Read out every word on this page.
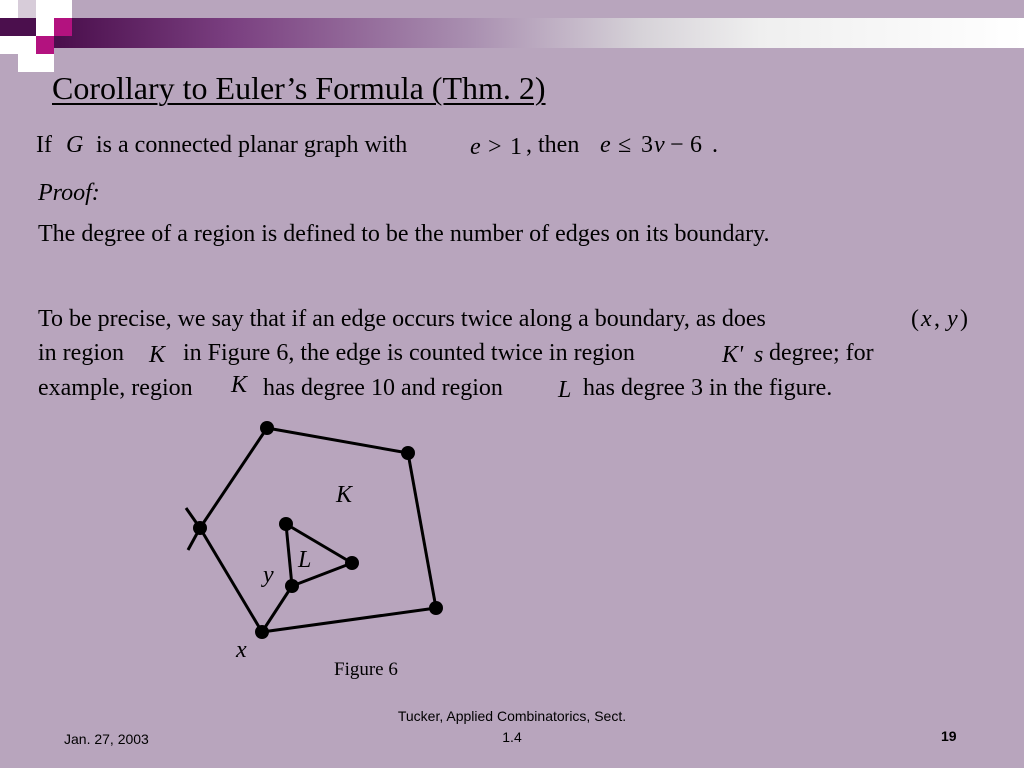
Corollary to Euler’s Formula (Thm. 2)
If G is a connected planar graph with	e > 1 , then e ≤ 3 v − 6 .
Proof:
The degree of a region is defined to be the number of edges on its boundary.
To be precise, we say that if an edge occurs twice along a boundary, as does	( x , y )
in region K in Figure 6, the edge is counted twice in region	K' s degree; for
example, region K has degree 10 and region L has degree 3 in the figure.
K
L
y
x
Figure 6
Jan. 27, 2003
Tucker, Applied Combinatorics, Sect.
1.4	19
